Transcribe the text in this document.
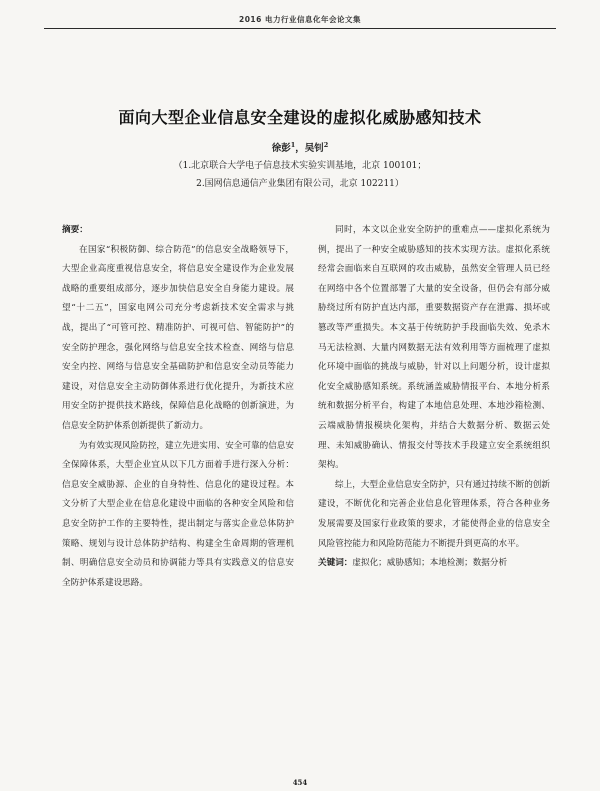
2016 电力行业信息化年会论文集
面向大型企业信息安全建设的虚拟化威胁感知技术
徐彭$^1$，吴钊$^2$
（1.北京联合大学电子信息技术实验实训基地，北京 100101；
2.国网信息通信产业集团有限公司，北京 102211）

摘要：

在国家“积极防御、综合防范”的信息安全战略领导下，大型企业高度重视信息安全，将信息安全建设作为企业发展战略的重要组成部分，逐步加快信息安全自身能力建设。展望“十二五”，国家电网公司充分考虑新技术安全需求与挑战，提出了“可管可控、精准防护、可视可信、智能防护”的安全防护理念，强化网络与信息安全技术检查、网络与信息安全内控、网络与信息安全基础防护和信息安全动员等能力建设，对信息安全主动防御体系进行优化提升，为新技术应用安全防护提供技术路线，保障信息化战略的创新演进，为信息安全防护体系创新提供了新动力。

为有效实现风险防控，建立先进实用、安全可靠的信息安全保障体系，大型企业宜从以下几方面着手进行深入分析：信息安全威胁源、企业的自身特性、信息化的建设过程。本文分析了大型企业在信息化建设中面临的各种安全风险和信息安全防护工作的主要特性，提出制定与落实企业总体防护策略、规划与设计总体防护结构、构建全生命周期的管理机制、明确信息安全动员和协调能力等具有实践意义的信息安全防护体系建设思路。

同时，本文以企业安全防护的重难点——虚拟化系统为例，提出了一种安全威胁感知的技术实现方法。虚拟化系统经常会面临来自互联网的攻击威胁，虽然安全管理人员已经在网络中各个位置部署了大量的安全设备，但仍会有部分威胁绕过所有防护直达内部，重要数据资产存在泄露、损坏或篡改等严重损失。本文基于传统防护手段面临失效、免杀木马无法检测、大量内网数据无法有效利用等方面梳理了虚拟化环境中面临的挑战与威胁，针对以上问题分析，设计虚拟化安全威胁感知系统。系统涵盖威胁情报平台、本地分析系统和数据分析平台，构建了本地信息处理、本地沙箱检测、云端威胁情报模块化架构，并结合大数据分析、数据云处理、未知威胁确认、情报交付等技术手段建立安全系统组织架构。

综上，大型企业信息安全防护，只有通过持续不断的创新建设，不断优化和完善企业信息化管理体系，符合各种业务发展需要及国家行业政策的要求，才能使得企业的信息安全风险管控能力和风险防范能力不断提升到更高的水平。

关键词：虚拟化；威胁感知；本地检测；数据分析

454
